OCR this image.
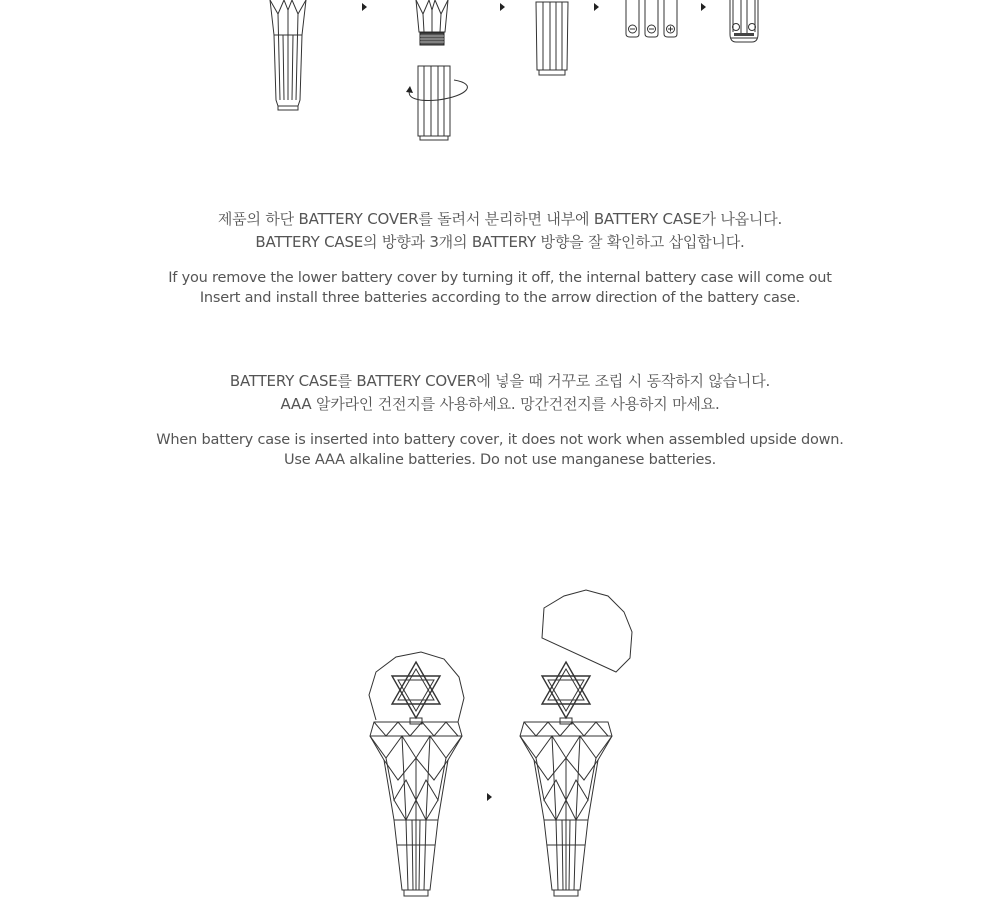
제품의 하단 BATTERY COVER를 돌려서 분리하면 내부에 BATTERY CASE가 나옵니다.
BATTERY CASE의 방향과 3개의 BATTERY 방향을 잘 확인하고 삽입합니다.
If you remove the lower battery cover by turning it off, the internal battery case will come out
Insert and install three batteries according to the arrow direction of the battery case.
BATTERY CASE를 BATTERY COVER에 넣을 때 거꾸로 조립 시 동작하지 않습니다.
AAA 알카라인 건전지를 사용하세요. 망간건전지를 사용하지 마세요.
When battery case is inserted into battery cover, it does not work when assembled upside down.
Use AAA alkaline batteries. Do not use manganese batteries.
